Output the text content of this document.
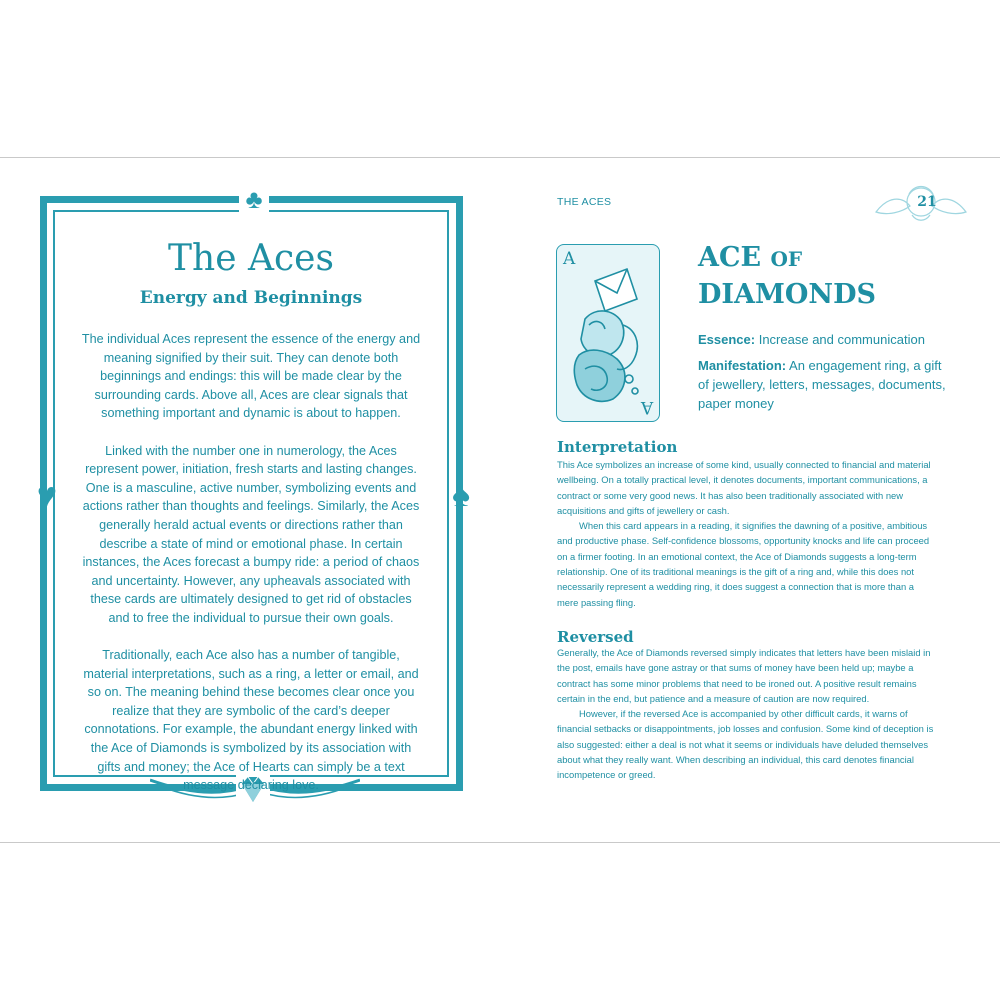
♣
♥	♠
The Aces
Energy and Beginnings

The individual Aces represent the essence of the energy and meaning signified by their suit. They can denote both beginnings and endings: this will be made clear by the surrounding cards. Above all, Aces are clear signals that something important and dynamic is about to happen.

Linked with the number one in numerology, the Aces represent power, initiation, fresh starts and lasting changes. One is a masculine, active number, symbolizing events and actions rather than thoughts and feelings. Similarly, the Aces generally herald actual events or directions rather than describe a state of mind or emotional phase. In certain instances, the Aces forecast a bumpy ride: a period of chaos and uncertainty. However, any upheavals associated with these cards are ultimately designed to get rid of obstacles and to free the individual to pursue their own goals.

Traditionally, each Ace also has a number of tangible, material interpretations, such as a ring, a letter or email, and so on. The meaning behind these becomes clear once you realize that they are symbolic of the card’s deeper connotations. For example, the abundant energy linked with the Ace of Diamonds is symbolized by its association with gifts and money; the Ace of Hearts can simply be a text message declaring love.

THE ACES	21
A
A
ACE OF
DIAMONDS

Essence: Increase and communication

Manifestation: An engagement ring, a gift of jewellery, letters, messages, documents, paper money

Interpretation

This Ace symbolizes an increase of some kind, usually connected to financial and material wellbeing. On a totally practical level, it denotes documents, important communications, a contract or some very good news. It has also been traditionally associated with new acquisitions and gifts of jewellery or cash.

When this card appears in a reading, it signifies the dawning of a positive, ambitious and productive phase. Self-confidence blossoms, opportunity knocks and life can proceed on a firmer footing. In an emotional context, the Ace of Diamonds suggests a long-term relationship. One of its traditional meanings is the gift of a ring and, while this does not necessarily represent a wedding ring, it does suggest a connection that is more than a mere passing fling.

Reversed

Generally, the Ace of Diamonds reversed simply indicates that letters have been mislaid in the post, emails have gone astray or that sums of money have been held up; maybe a contract has some minor problems that need to be ironed out. A positive result remains certain in the end, but patience and a measure of caution are now required.

However, if the reversed Ace is accompanied by other difficult cards, it warns of financial setbacks or disappointments, job losses and confusion. Some kind of deception is also suggested: either a deal is not what it seems or individuals have deluded themselves about what they really want. When describing an individual, this card denotes financial incompetence or greed.
